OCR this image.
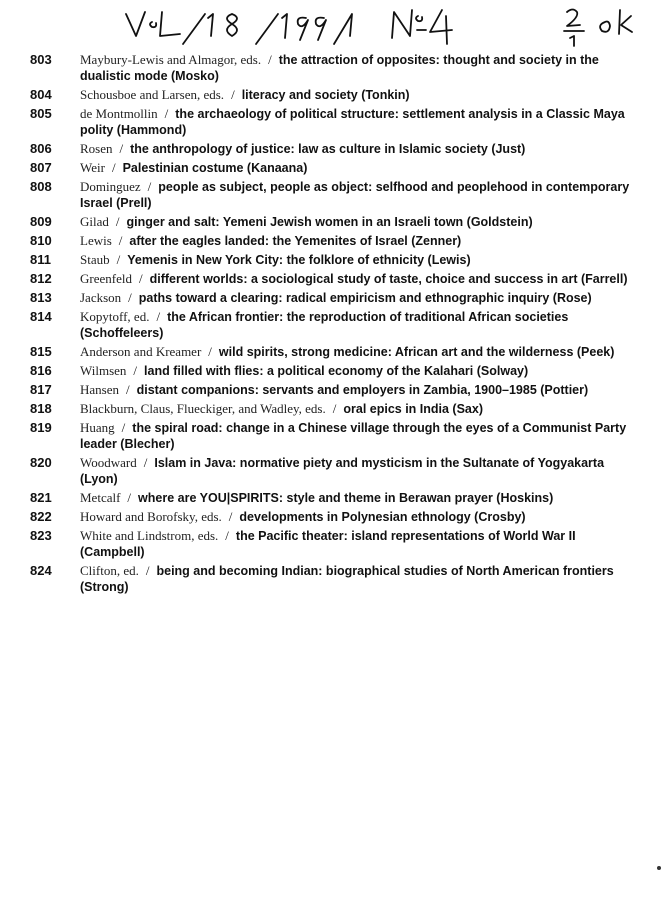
803 Maybury-Lewis and Almagor, eds. / the attraction of opposites: thought and society in the dualistic mode (Mosko)
804 Schousboe and Larsen, eds. / literacy and society (Tonkin)
805 de Montmollin / the archaeology of political structure: settlement analysis in a Classic Maya polity (Hammond)
806 Rosen / the anthropology of justice: law as culture in Islamic society (Just)
807 Weir / Palestinian costume (Kanaana)
808 Dominguez / people as subject, people as object: selfhood and peoplehood in contemporary Israel (Prell)
809 Gilad / ginger and salt: Yemeni Jewish women in an Israeli town (Goldstein)
810 Lewis / after the eagles landed: the Yemenites of Israel (Zenner)
811 Staub / Yemenis in New York City: the folklore of ethnicity (Lewis)
812 Greenfeld / different worlds: a sociological study of taste, choice and success in art (Farrell)
813 Jackson / paths toward a clearing: radical empiricism and ethnographic inquiry (Rose)
814 Kopytoff, ed. / the African frontier: the reproduction of traditional African societies (Schoffeleers)
815 Anderson and Kreamer / wild spirits, strong medicine: African art and the wilderness (Peek)
816 Wilmsen / land filled with flies: a political economy of the Kalahari (Solway)
817 Hansen / distant companions: servants and employers in Zambia, 1900–1985 (Pottier)
818 Blackburn, Claus, Flueckiger, and Wadley, eds. / oral epics in India (Sax)
819 Huang / the spiral road: change in a Chinese village through the eyes of a Communist Party leader (Blecher)
820 Woodward / Islam in Java: normative piety and mysticism in the Sultanate of Yogyakarta (Lyon)
821 Metcalf / where are YOU|SPIRITS: style and theme in Berawan prayer (Hoskins)
822 Howard and Borofsky, eds. / developments in Polynesian ethnology (Crosby)
823 White and Lindstrom, eds. / the Pacific theater: island representations of World War II (Campbell)
824 Clifton, ed. / being and becoming Indian: biographical studies of North American frontiers (Strong)
